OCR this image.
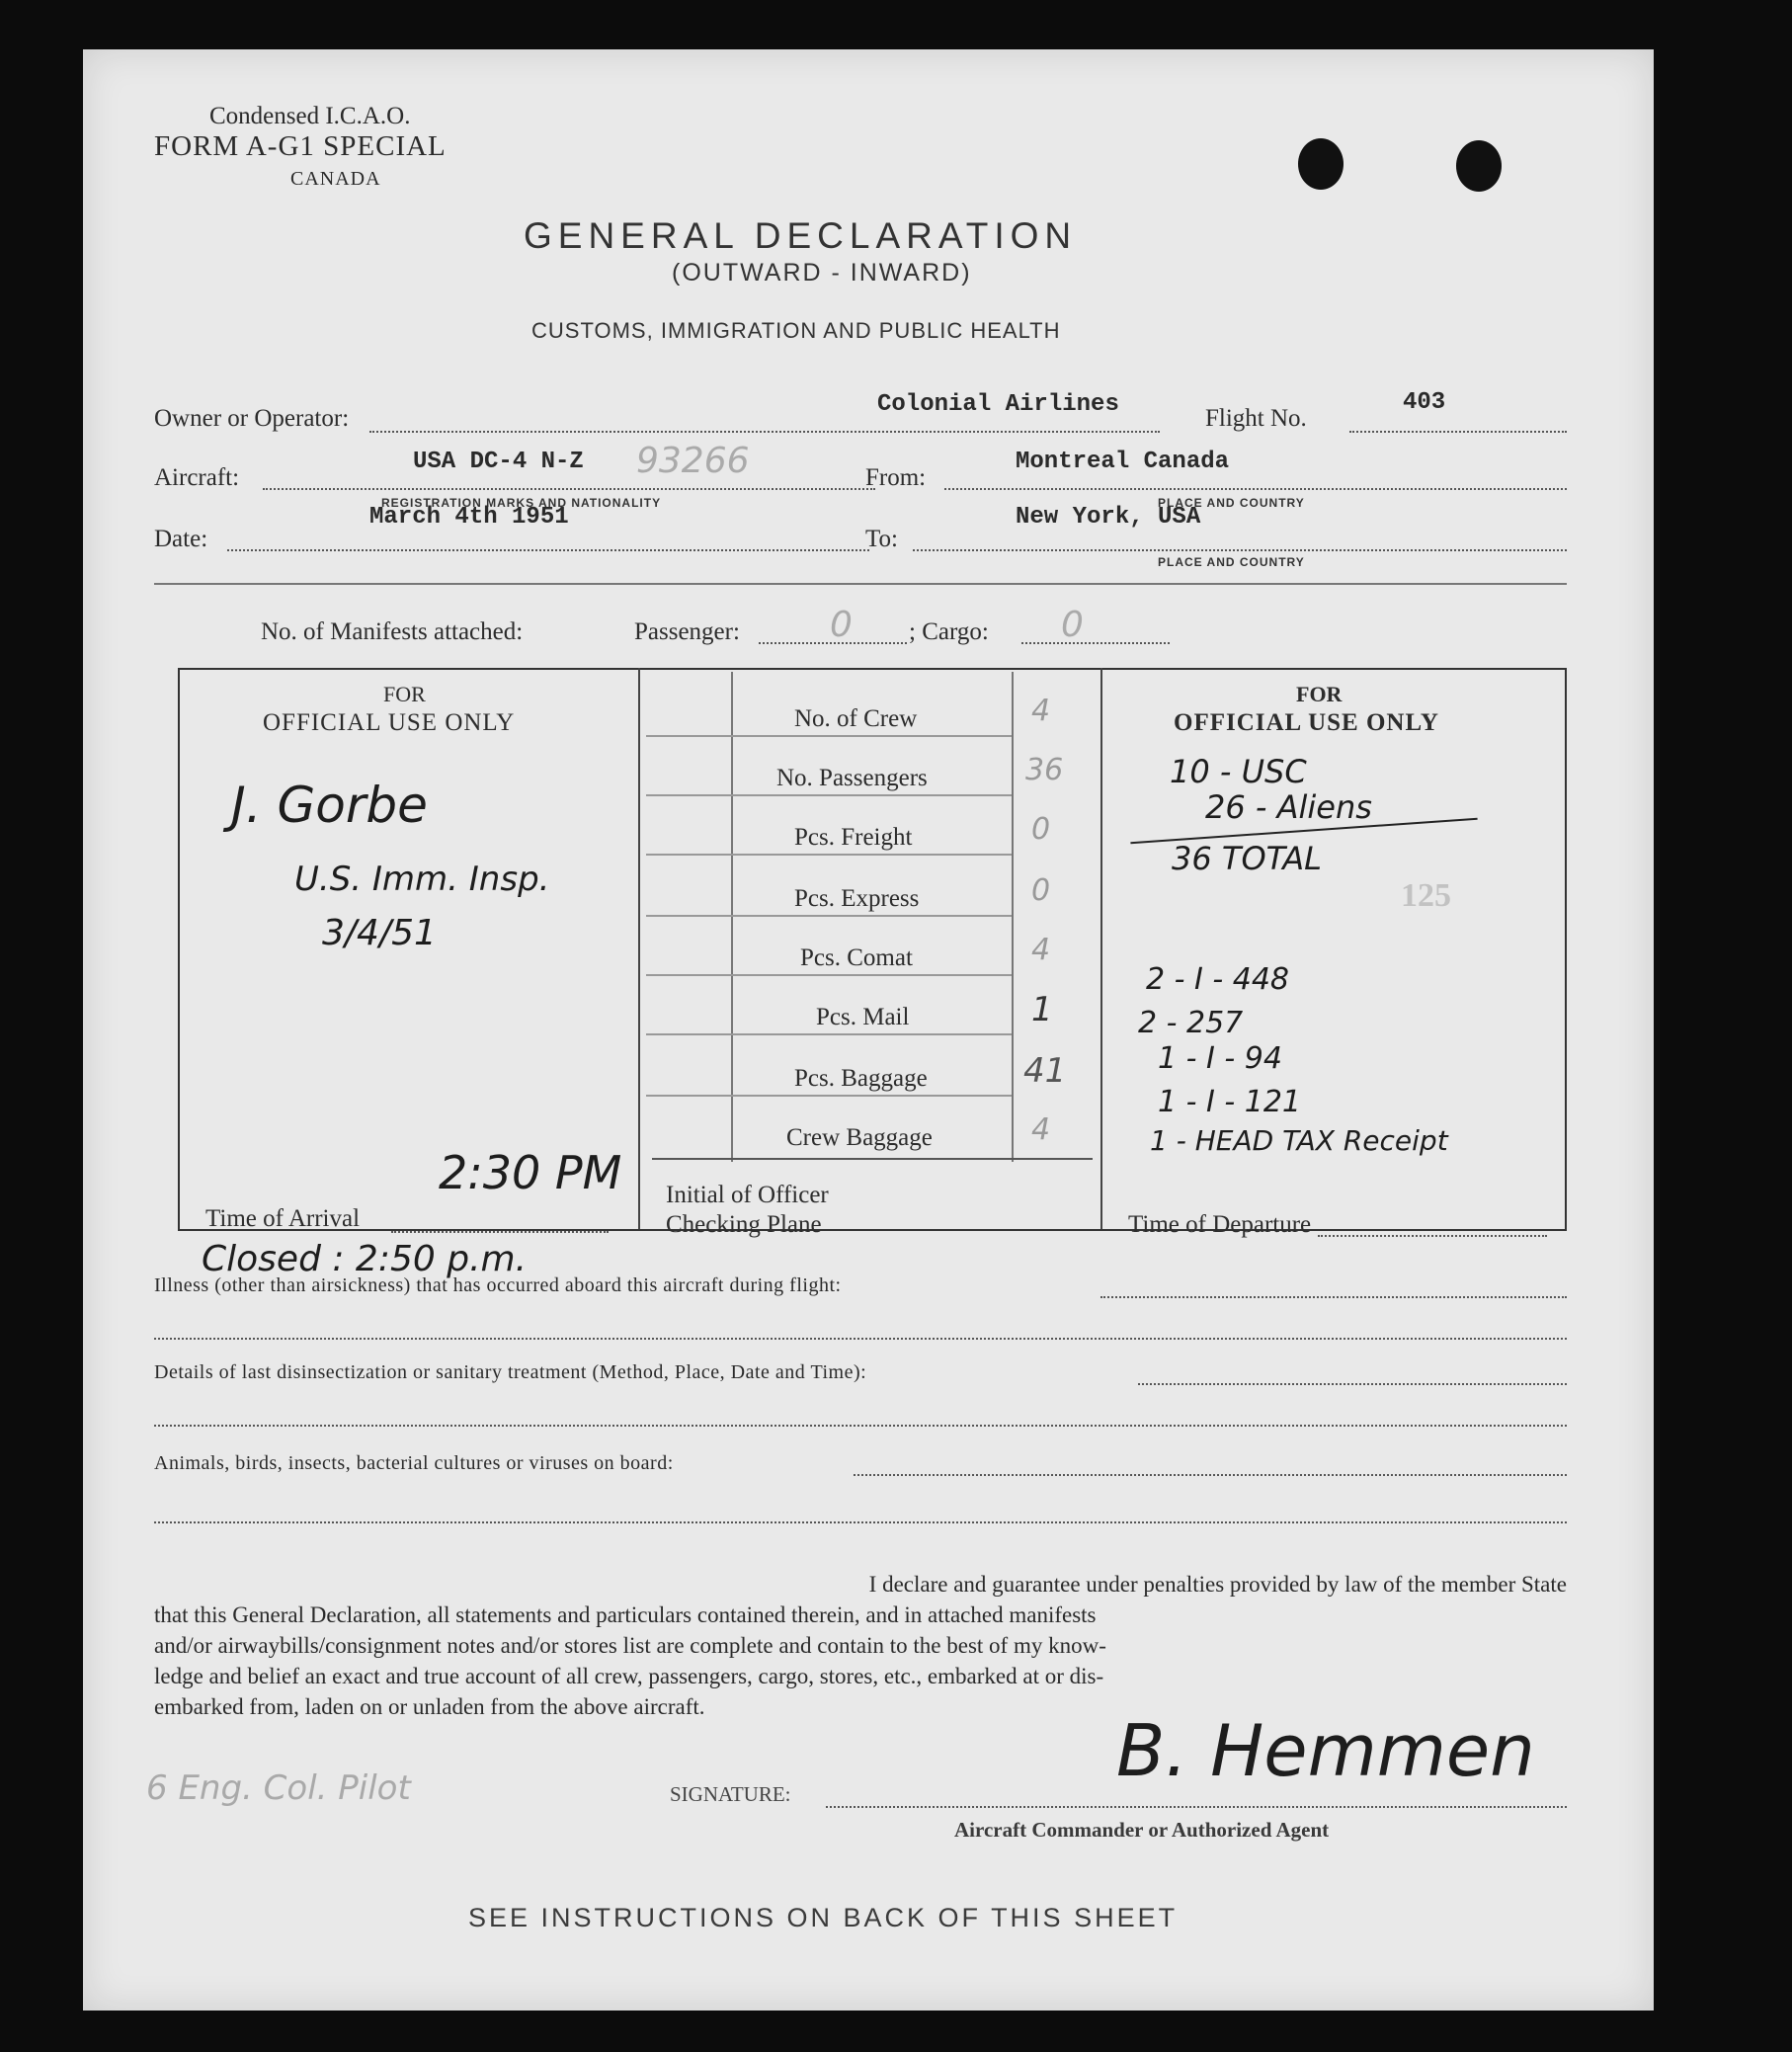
Condensed I.C.A.O.
FORM A-G1 SPECIAL
CANADA
GENERAL DECLARATION
(OUTWARD - INWARD)
CUSTOMS, IMMIGRATION AND PUBLIC HEALTH
Owner or Operator:
Colonial Airlines
Flight No.
403
Aircraft:
USA DC-4 N-Z 93266
REGISTRATION MARKS AND NATIONALITY
From:
Montreal Canada
PLACE AND COUNTRY
Date:
March 4th 1951
To:
New York, USA
PLACE AND COUNTRY
No. of Manifests attached:	Passenger:	0 ; Cargo: 0
FOR
OFFICIAL USE ONLY
J. Gorbe
U.S. Imm. Insp.
3/4/51
Time of Arrival
2:30 PM
Closed : 2:50 p.m.
No. of Crew	4
No. Passengers	36
Pcs. Freight	0
Pcs. Express	0
Pcs. Comat	4
Pcs. Mail	1
Pcs. Baggage	41
Crew Baggage	4
Initial of Officer
Checking Plane
FOR
OFFICIAL USE ONLY
10 - USC
26 - Aliens
36 TOTAL
125
2 - I - 448
2 - 257
1 - I - 94
1 - I - 121
1 - HEAD TAX Receipt
Time of Departure
Illness (other than airsickness) that has occurred aboard this aircraft during flight:
Details of last disinsectization or sanitary treatment (Method, Place, Date and Time):
Animals, birds, insects, bacterial cultures or viruses on board:
I declare and guarantee under penalties provided by law of the member State
that this General Declaration, all statements and particulars contained therein, and in attached manifests
and/or airwaybills/consignment notes and/or stores list are complete and contain to the best of my know-
ledge and belief an exact and true account of all crew, passengers, cargo, stores, etc., embarked at or dis-
embarked from, laden on or unladen from the above aircraft.
6 Eng. Col. Pilot	SIGNATURE:
B. Hemmen
Aircraft Commander or Authorized Agent
SEE INSTRUCTIONS ON BACK OF THIS SHEET
